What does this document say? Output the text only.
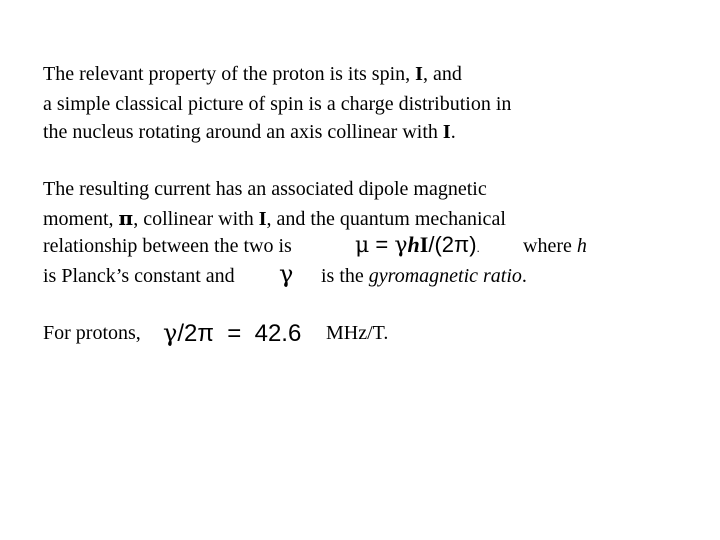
The relevant property of the proton is its spin, I, and
a simple classical picture of spin is a charge distribution in
the nucleus rotating around an axis collinear with I.
The resulting current has an associated dipole magnetic
moment, π, collinear with I, and the quantum mechanical
relationship between the two is	where h
μ = γhI/(2π).
is Planck’s constant and γ is the gyromagnetic ratio.
For protons, γ/2π  =  42.6 MHz/T.
